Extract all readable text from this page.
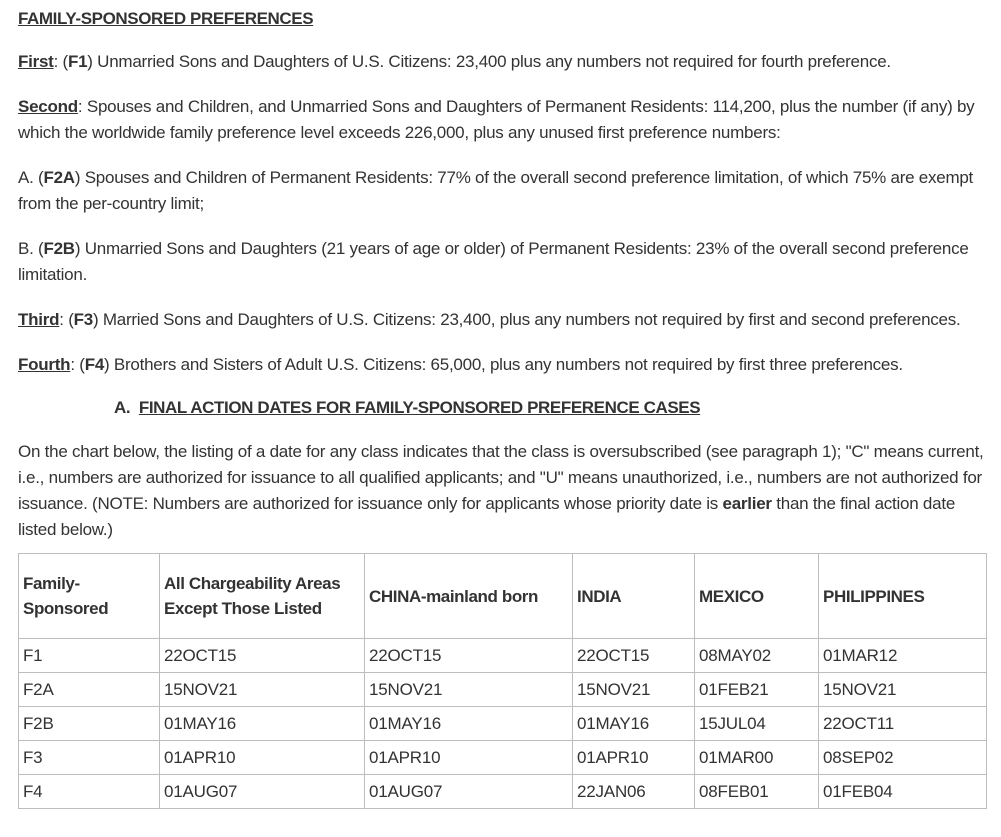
FAMILY-SPONSORED PREFERENCES

First: (F1) Unmarried Sons and Daughters of U.S. Citizens: 23,400 plus any numbers not required for fourth preference.

Second: Spouses and Children, and Unmarried Sons and Daughters of Permanent Residents: 114,200, plus the number (if any) by which the worldwide family preference level exceeds 226,000, plus any unused first preference numbers:

A. (F2A) Spouses and Children of Permanent Residents: 77% of the overall second preference limitation, of which 75% are exempt from the per-country limit;

B. (F2B) Unmarried Sons and Daughters (21 years of age or older) of Permanent Residents: 23% of the overall second preference limitation.

Third: (F3) Married Sons and Daughters of U.S. Citizens: 23,400, plus any numbers not required by first and second preferences.

Fourth: (F4) Brothers and Sisters of Adult U.S. Citizens: 65,000, plus any numbers not required by first three preferences.

A. FINAL ACTION DATES FOR FAMILY-SPONSORED PREFERENCE CASES

On the chart below, the listing of a date for any class indicates that the class is oversubscribed (see paragraph 1); "C" means current, i.e., numbers are authorized for issuance to all qualified applicants; and "U" means unauthorized, i.e., numbers are not authorized for issuance. (NOTE: Numbers are authorized for issuance only for applicants whose priority date is earlier than the final action date listed below.)

Family-Sponsored	All Chargeability Areas Except Those Listed	CHINA-mainland born	INDIA	MEXICO	PHILIPPINES
F1	22OCT15	22OCT15	22OCT15	08MAY02	01MAR12
F2A	15NOV21	15NOV21	15NOV21	01FEB21	15NOV21
F2B	01MAY16	01MAY16	01MAY16	15JUL04	22OCT11
F3	01APR10	01APR10	01APR10	01MAR00	08SEP02
F4	01AUG07	01AUG07	22JAN06	08FEB01	01FEB04
